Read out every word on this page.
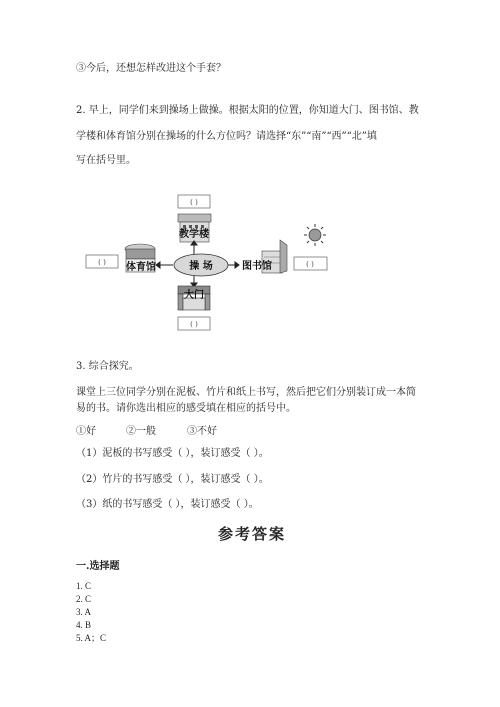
③今后，还想怎样改进这个手套？
2. 早上，同学们来到操场上做操。根据太阳的位置，你知道大门、图书馆、教
学楼和体育馆分别在操场的什么方位吗？请选择“东”“南”“西”“北”填
写在括号里。
( )
( )	( )
( )
教学楼
体育馆	操 场	图书馆
大门
3. 综合探究。
课堂上三位同学分别在泥板、竹片和纸上书写，然后把它们分别装订成一本简
易的书。请你选出相应的感受填在相应的括号中。
①好	②一般	③不好
（1）泥板的书写感受（ ），装订感受（ ）。
（2）竹片的书写感受（ ），装订感受（ ）。
（3）纸的书写感受（ ），装订感受（ ）。
参考答案
一.选择题
1. C
2. C
3. A
4. B
5. A；C
